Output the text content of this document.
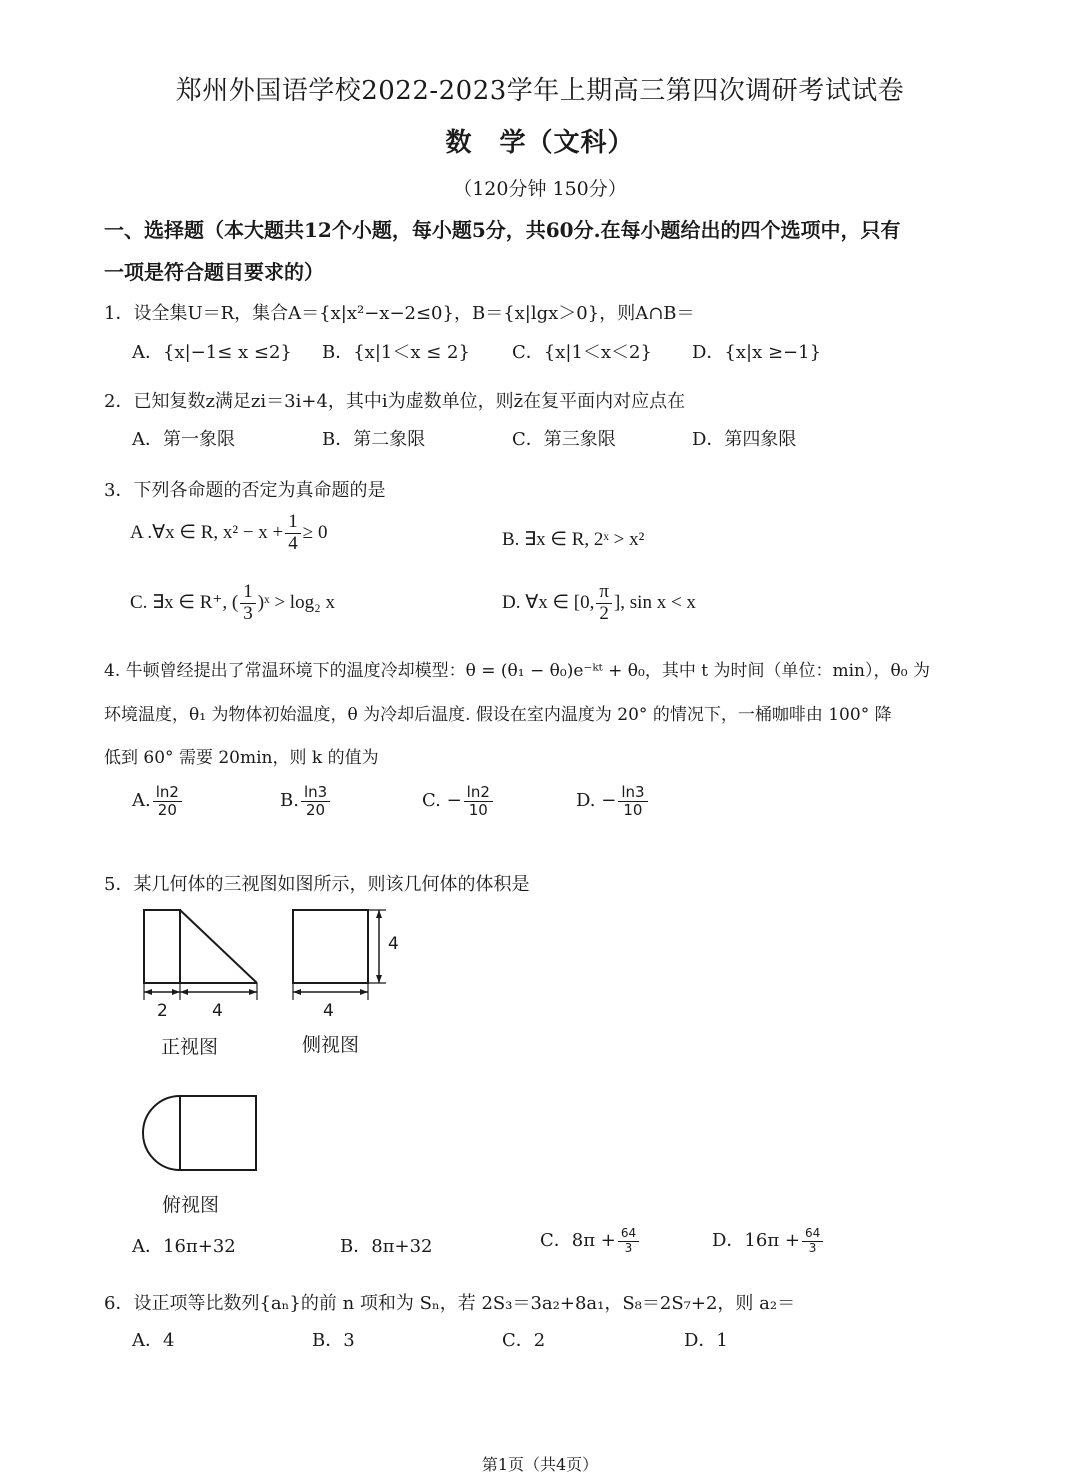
郑州外国语学校2022-2023学年上期高三第四次调研考试试卷
数　学（文科）
（120分钟 150分）
一、选择题（本大题共12个小题，每小题5分，共60分.在每小题给出的四个选项中，只有
一项是符合题目要求的）
1．设全集U＝R，集合A＝{x|x²−x−2≤0}，B＝{x|lgx＞0}，则A∩B＝
A．{x|−1≤ x ≤2} B．{x|1＜x ≤ 2} C．{x|1＜x＜2} D．{x|x ≥−1}
2．已知复数z满足zi＝3i+4，其中i为虚数单位，则z̄在复平面内对应点在
A．第一象限	B．第二象限	C．第三象限	D．第四象限
3．下列各命题的否定为真命题的是
A .∀x ∈ R, $x^2 - x + \frac{1}{4} \ge 0$	B. ∃x ∈ R, 2ˣ > x²
C. ∃x ∈ R⁺, ( $\frac{1}{3}$ )ˣ > log₂ x	D. ∀x ∈ [0, $\frac{\pi}{2}$ ], sin x < x
4. 牛顿曾经提出了常温环境下的温度冷却模型：θ = (θ₁ − θ₀)e⁻ᵏᵗ + θ₀，其中 t 为时间（单位：min），θ₀ 为
环境温度，θ₁ 为物体初始温度，θ 为冷却后温度. 假设在室内温度为 20° 的情况下，一桶咖啡由 100° 降
低到 60° 需要 20min，则 k 的值为
A. $\frac{\ln 2}{20}$	B. $\frac{\ln 3}{20}$	C. − $\frac{\ln 2}{10}$	D. − $\frac{\ln 3}{10}$
5．某几何体的三视图如图所示，则该几何体的体积是
2	4	4
4
正视图	侧视图
俯视图
A．16π+32	B．8π+32	C．$8\pi + \frac{64}{3}$	D．$16\pi + \frac{64}{3}$
6．设正项等比数列{aₙ}的前 n 项和为 Sₙ，若 2S₃＝3a₂+8a₁，S₈＝2S₇+2，则 a₂＝
A．4	B．3	C．2	D．1
第1页（共4页）
